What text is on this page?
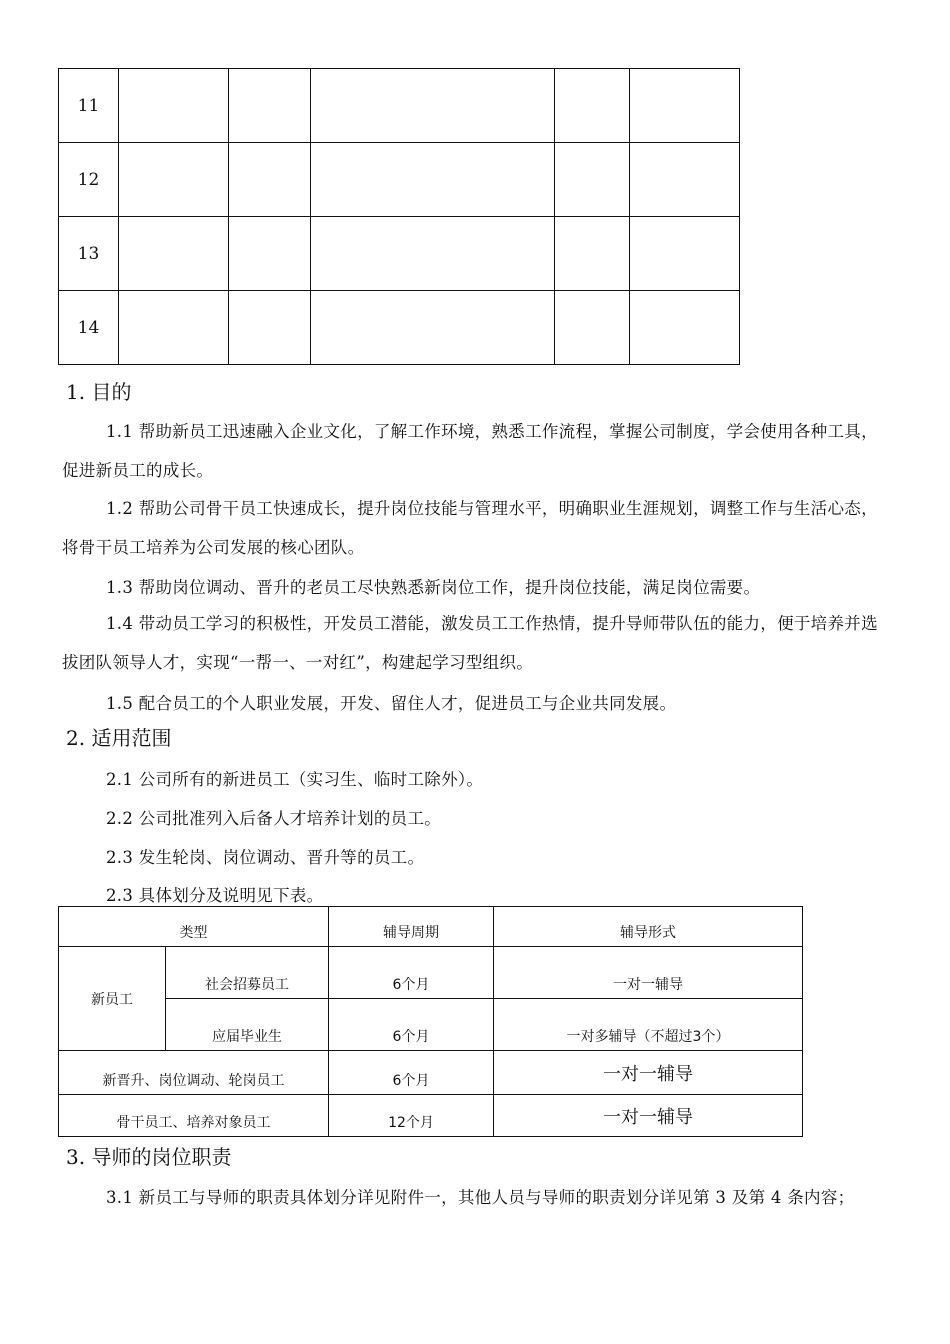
11					
12					
13					
14					
1. 目的
1.1 帮助新员工迅速融入企业文化，了解工作环境，熟悉工作流程，掌握公司制度，学会使用各种工具，促进新员工的成长。
1.2 帮助公司骨干员工快速成长，提升岗位技能与管理水平，明确职业生涯规划，调整工作与生活心态，将骨干员工培养为公司发展的核心团队。
1.3 帮助岗位调动、晋升的老员工尽快熟悉新岗位工作，提升岗位技能，满足岗位需要。
1.4 带动员工学习的积极性，开发员工潜能，激发员工工作热情，提升导师带队伍的能力，便于培养并选拔团队领导人才，实现“一帮一、一对红”，构建起学习型组织。
1.5 配合员工的个人职业发展，开发、留住人才，促进员工与企业共同发展。
2. 适用范围
2.1 公司所有的新进员工（实习生、临时工除外）。
2.2 公司批准列入后备人才培养计划的员工。
2.3 发生轮岗、岗位调动、晋升等的员工。
2.3 具体划分及说明见下表。
类型		辅导周期	辅导形式
新员工	社会招募员工	6个月	一对一辅导
	应届毕业生	6个月	一对多辅导（不超过3个）
新晋升、岗位调动、轮岗员工		6个月	一对一辅导
骨干员工、培养对象员工		12个月	一对一辅导
3. 导师的岗位职责
3.1 新员工与导师的职责具体划分详见附件一，其他人员与导师的职责划分详见第 3 及第 4 条内容；
